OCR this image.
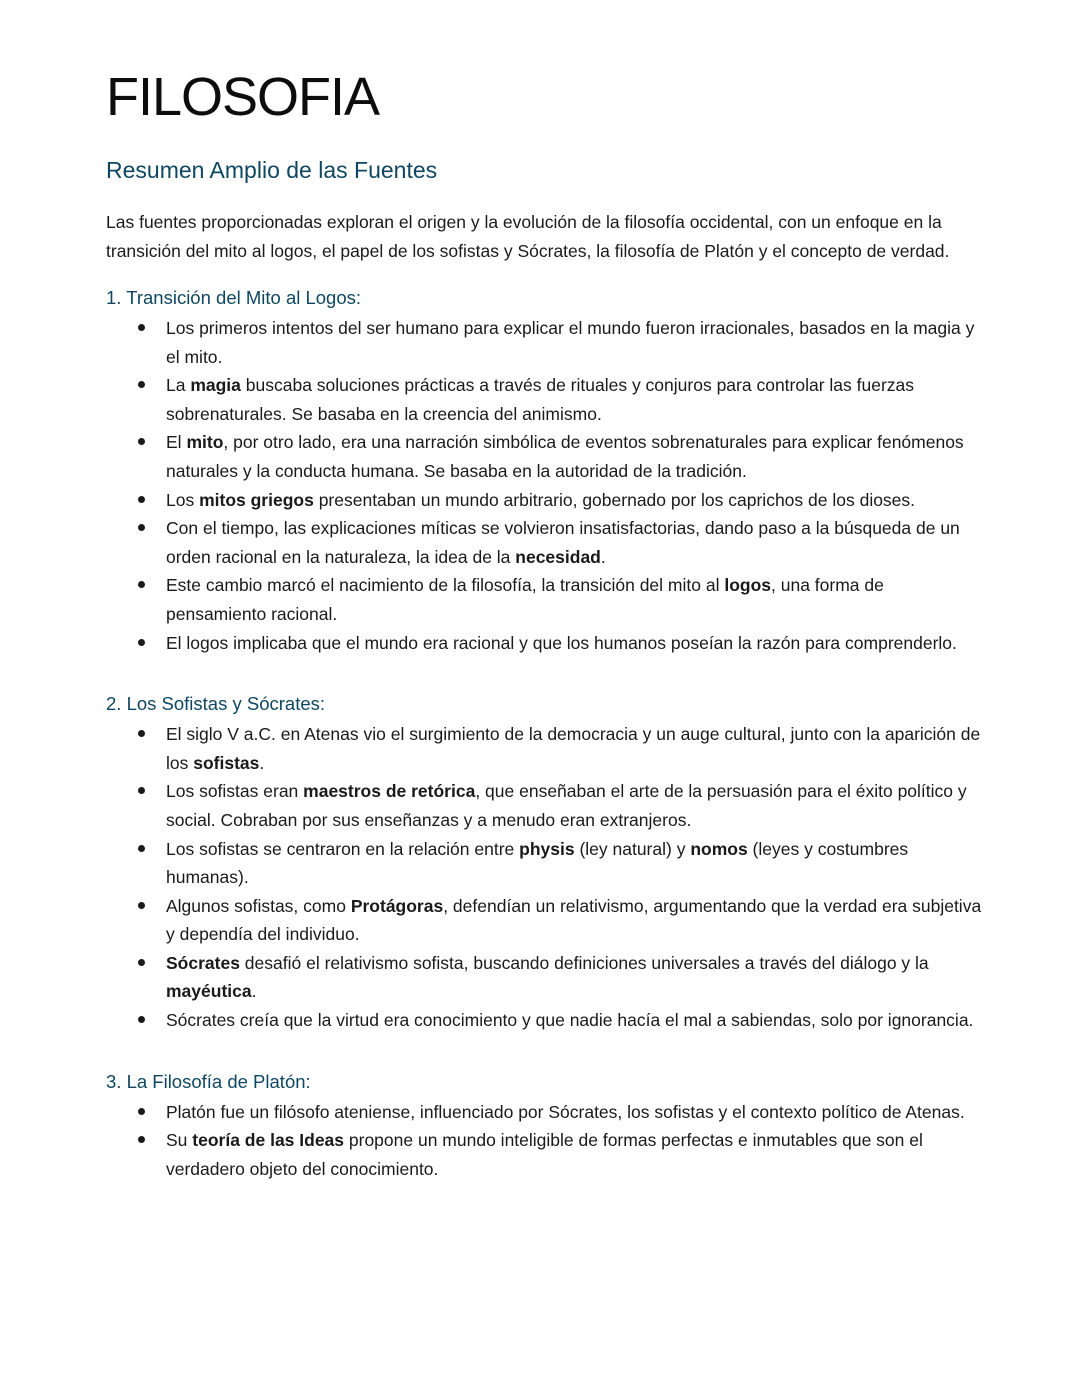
FILOSOFIA
Resumen Amplio de las Fuentes

Las fuentes proporcionadas exploran el origen y la evolución de la filosofía occidental, con un enfoque en la transición del mito al logos, el papel de los sofistas y Sócrates, la filosofía de Platón y el concepto de verdad.

1. Transición del Mito al Logos:
Los primeros intentos del ser humano para explicar el mundo fueron irracionales, basados en la magia y el mito.
La magia buscaba soluciones prácticas a través de rituales y conjuros para controlar las fuerzas sobrenaturales. Se basaba en la creencia del animismo.
El mito, por otro lado, era una narración simbólica de eventos sobrenaturales para explicar fenómenos naturales y la conducta humana. Se basaba en la autoridad de la tradición.
Los mitos griegos presentaban un mundo arbitrario, gobernado por los caprichos de los dioses.
Con el tiempo, las explicaciones míticas se volvieron insatisfactorias, dando paso a la búsqueda de un orden racional en la naturaleza, la idea de la necesidad.
Este cambio marcó el nacimiento de la filosofía, la transición del mito al logos, una forma de pensamiento racional.
El logos implicaba que el mundo era racional y que los humanos poseían la razón para comprenderlo.
2. Los Sofistas y Sócrates:
El siglo V a.C. en Atenas vio el surgimiento de la democracia y un auge cultural, junto con la aparición de los sofistas.
Los sofistas eran maestros de retórica, que enseñaban el arte de la persuasión para el éxito político y social. Cobraban por sus enseñanzas y a menudo eran extranjeros.
Los sofistas se centraron en la relación entre physis (ley natural) y nomos (leyes y costumbres humanas).
Algunos sofistas, como Protágoras, defendían un relativismo, argumentando que la verdad era subjetiva y dependía del individuo.
Sócrates desafió el relativismo sofista, buscando definiciones universales a través del diálogo y la mayéutica.
Sócrates creía que la virtud era conocimiento y que nadie hacía el mal a sabiendas, solo por ignorancia.
3. La Filosofía de Platón:
Platón fue un filósofo ateniense, influenciado por Sócrates, los sofistas y el contexto político de Atenas.
Su teoría de las Ideas propone un mundo inteligible de formas perfectas e inmutables que son el verdadero objeto del conocimiento.
